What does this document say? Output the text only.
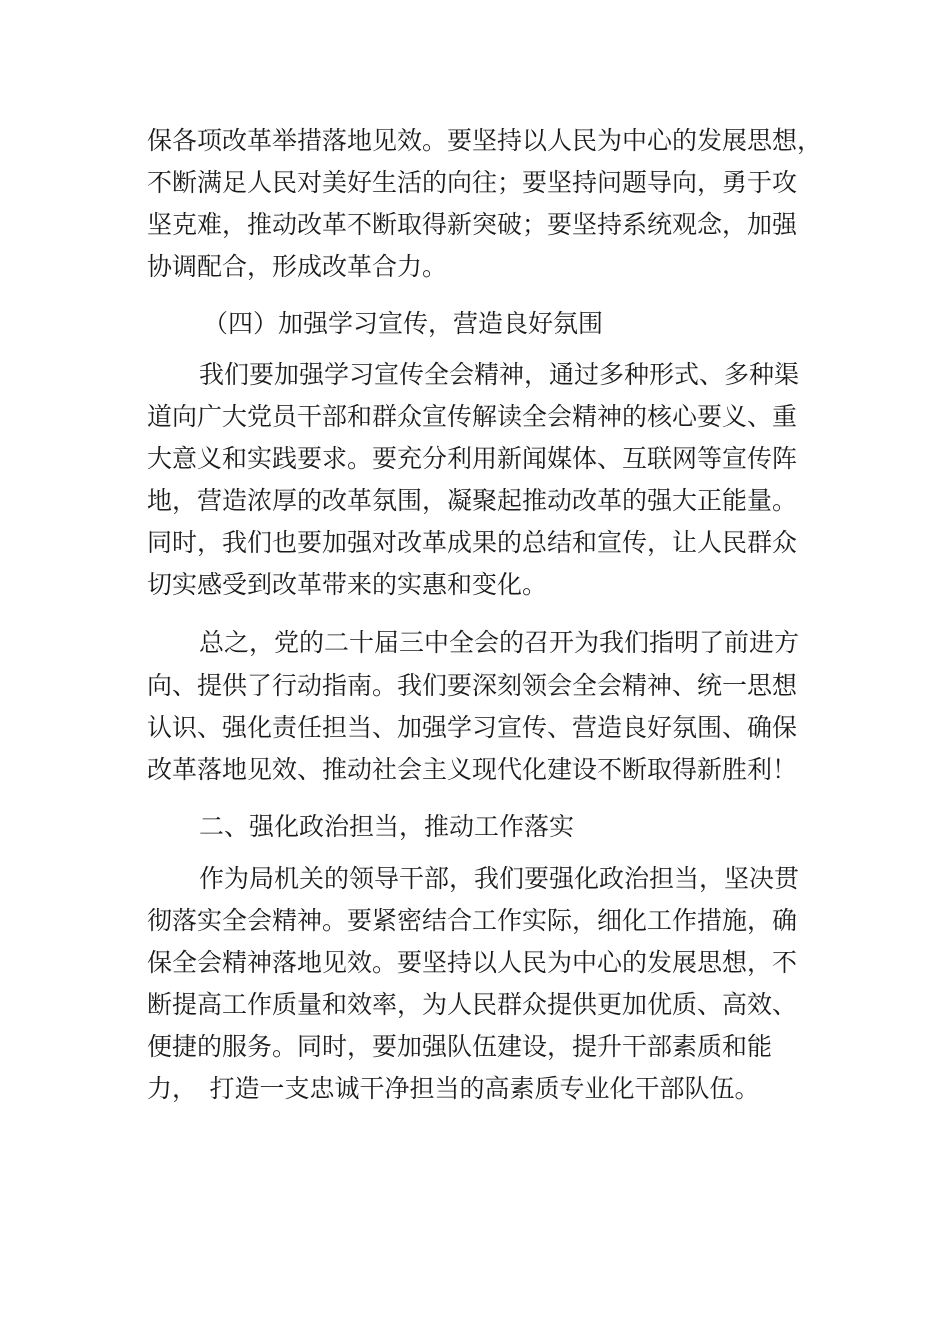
保各项改革举措落地见效。要坚持以人民为中心的发展思想，
不断满足人民对美好生活的向往；要坚持问题导向，勇于攻
坚克难，推动改革不断取得新突破；要坚持系统观念，加强
协调配合，形成改革合力。
（四）加强学习宣传，营造良好氛围
我们要加强学习宣传全会精神，通过多种形式、多种渠
道向广大党员干部和群众宣传解读全会精神的核心要义、重
大意义和实践要求。要充分利用新闻媒体、互联网等宣传阵
地，营造浓厚的改革氛围，凝聚起推动改革的强大正能量。
同时，我们也要加强对改革成果的总结和宣传，让人民群众
切实感受到改革带来的实惠和变化。
总之，党的二十届三中全会的召开为我们指明了前进方
向、提供了行动指南。我们要深刻领会全会精神、统一思想
认识、强化责任担当、加强学习宣传、营造良好氛围、确保
改革落地见效、推动社会主义现代化建设不断取得新胜利！
二、强化政治担当，推动工作落实
作为局机关的领导干部，我们要强化政治担当，坚决贯
彻落实全会精神。要紧密结合工作实际，细化工作措施，确
保全会精神落地见效。要坚持以人民为中心的发展思想，不
断提高工作质量和效率，为人民群众提供更加优质、高效、
便捷的服务。同时，要加强队伍建设，提升干部素质和能
力，　打造一支忠诚干净担当的高素质专业化干部队伍。
